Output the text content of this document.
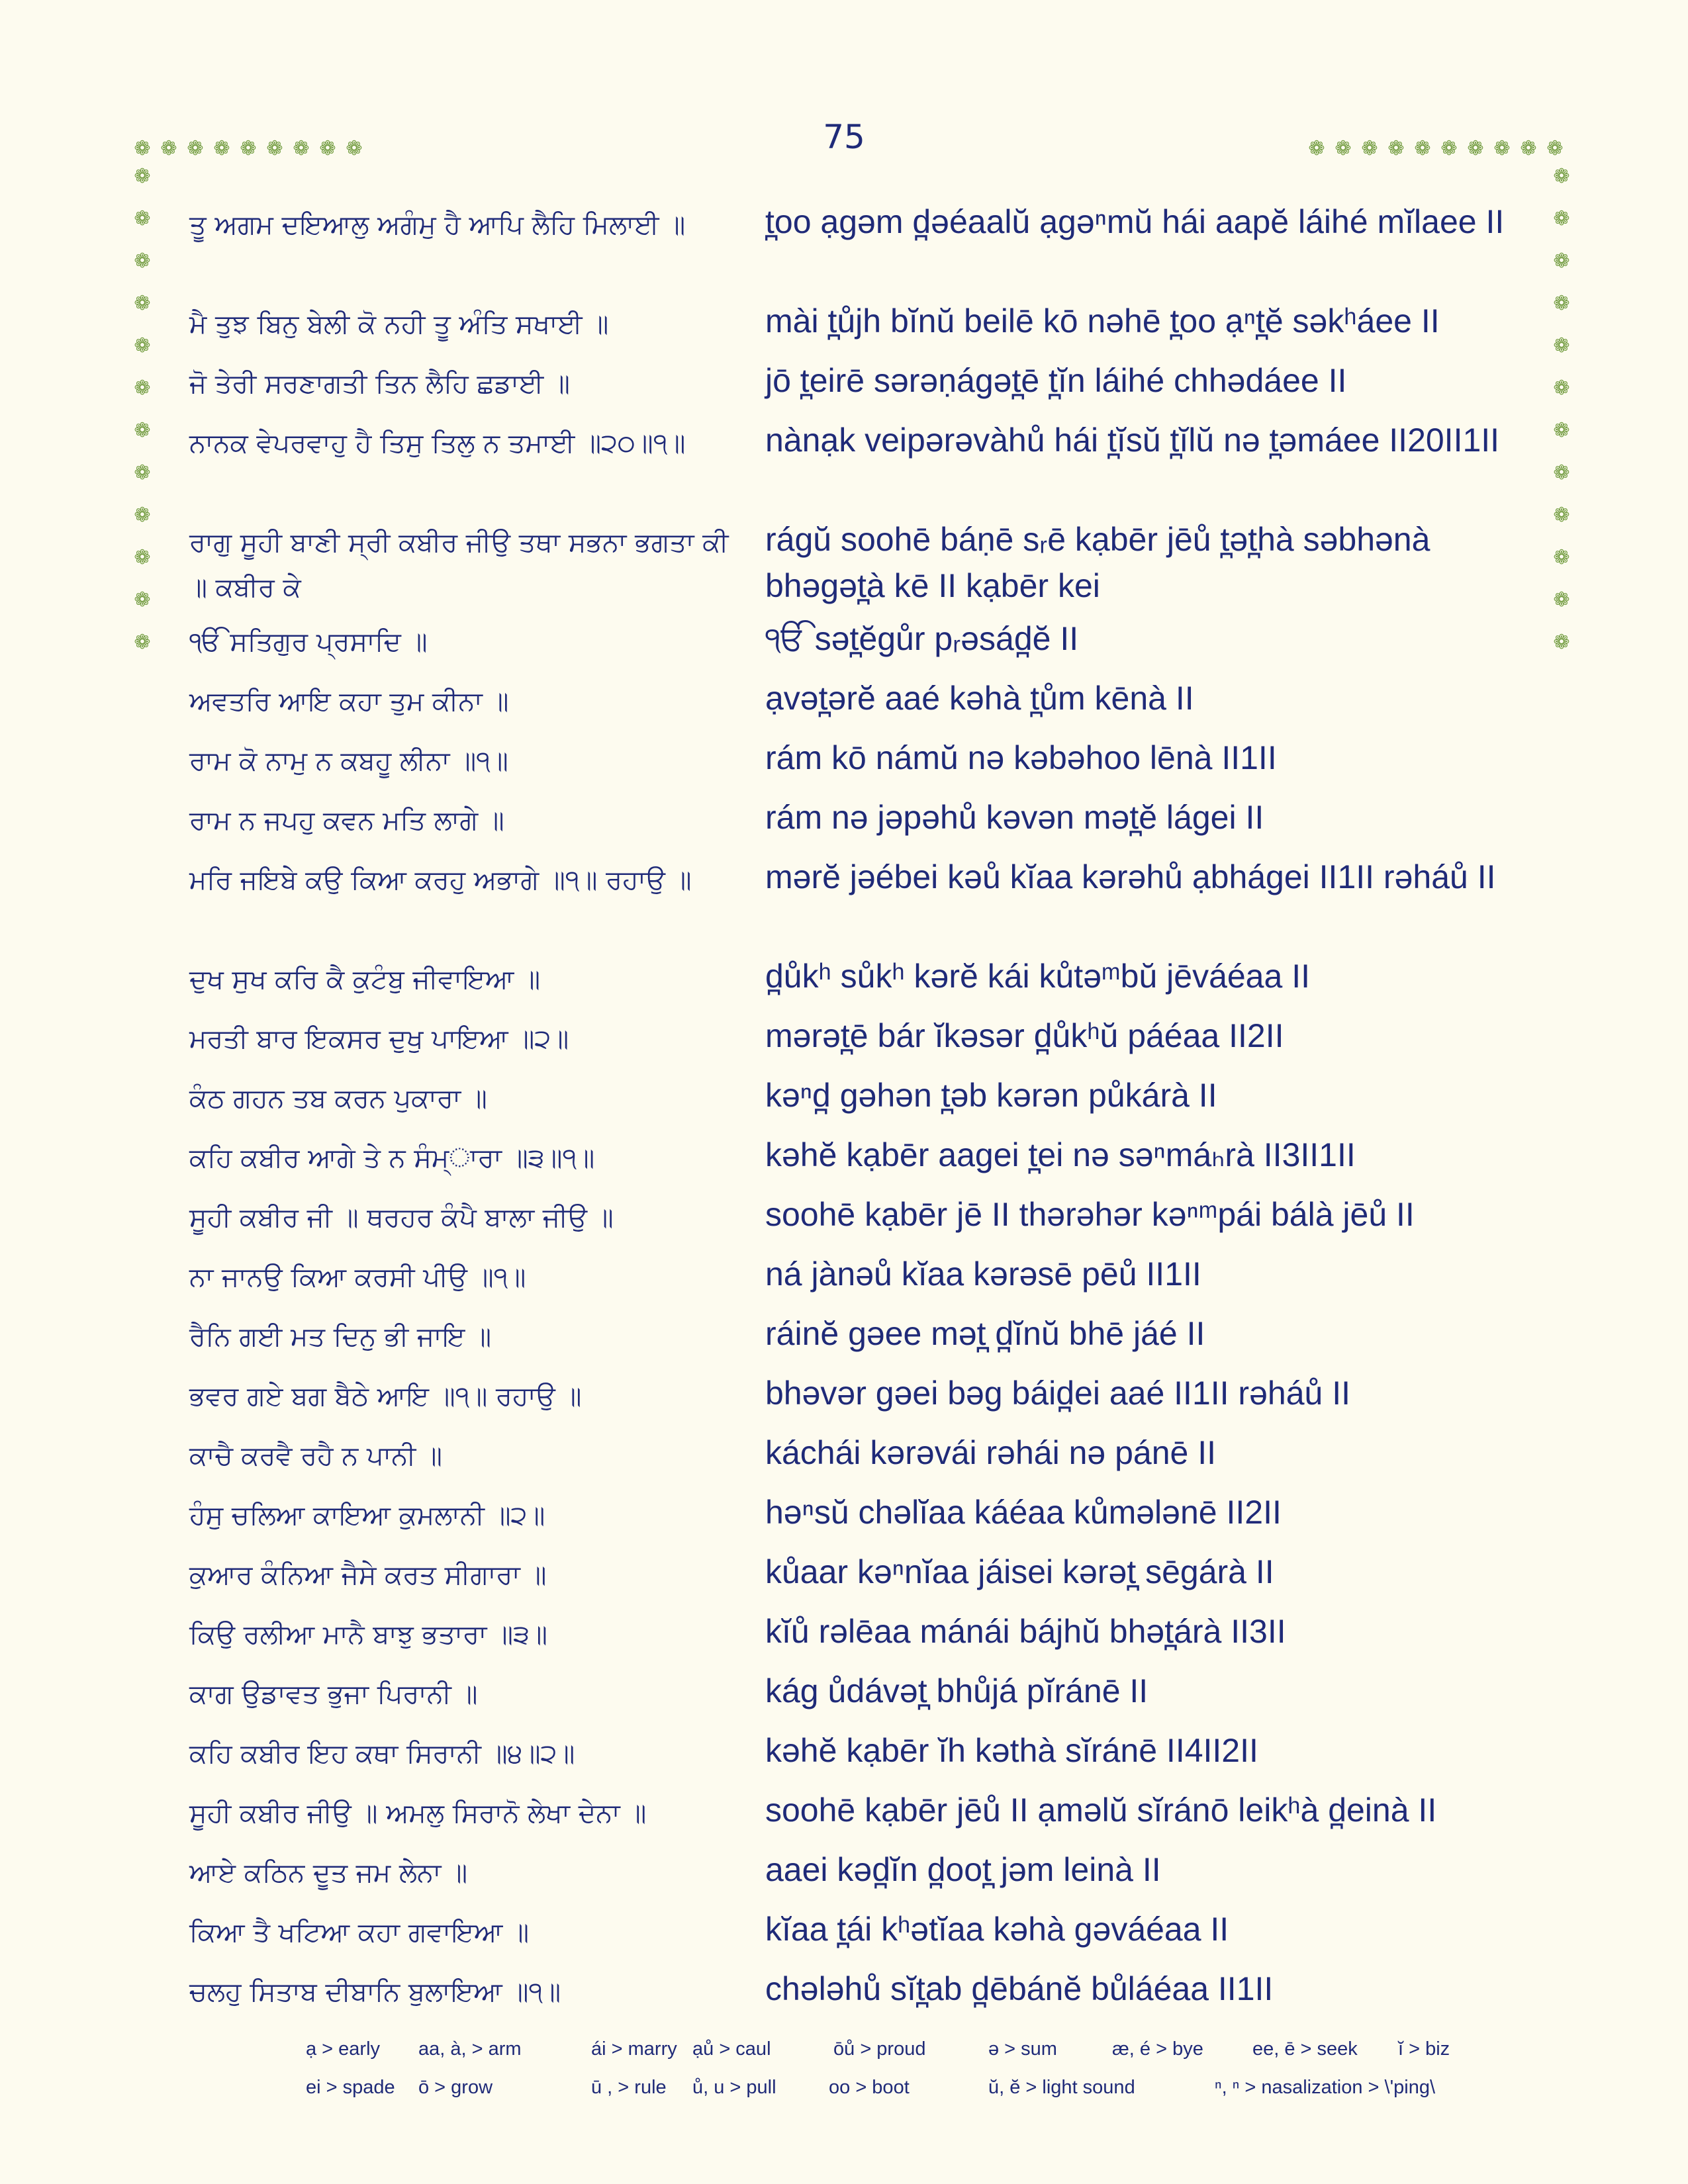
75
❁ ❁ ❁ ❁ ❁ ❁ ❁ ❁ ❁	❁ ❁ ❁ ❁ ❁ ❁ ❁ ❁ ❁ ❁
❁	❁
❁	❁
❁	❁
❁	❁
❁	❁
❁	❁
❁	❁
❁	❁
❁	❁
❁	❁
❁	❁
❁	❁
ਤੂ ਅਗਮ ਦਇਆਲੁ ਅਗੰਮੁ ਹੈ ਆਪਿ ਲੈਹਿ ਮਿਲਾਈ ॥	t̪oo ạgəm d̪əéaalŭ ạgəⁿmŭ hái aapĕ láihé mĭlaee II
ਮੈ ਤੁਝ ਬਿਨੁ ਬੇਲੀ ਕੋ ਨਹੀ ਤੂ ਅੰਤਿ ਸਖਾਈ ॥	mài t̪ůjh bĭnŭ beilē kō nəhē t̪oo ạⁿt̪ĕ səkʰáee II
ਜੋ ਤੇਰੀ ਸਰਣਾਗਤੀ ਤਿਨ ਲੈਹਿ ਛਡਾਈ ॥	jō t̪eirē sərəṇágət̪ē t̪ĭn láihé chhədáee II
ਨਾਨਕ ਵੇਪਰਵਾਹੁ ਹੈ ਤਿਸੁ ਤਿਲੁ ਨ ਤਮਾਈ ॥੨੦॥੧॥	nànạk veipərəvàhů hái t̪ĭsŭ t̪ĭlŭ nə t̪əmáee II20II1II
ਰਾਗੁ ਸੂਹੀ ਬਾਣੀ ਸ੍ਰੀ ਕਬੀਰ ਜੀਉ ਤਥਾ ਸਭਨਾ ਭਗਤਾ ਕੀ ॥ ਕਬੀਰ ਕੇ
rágŭ soohē báṇē sᵣē kạbēr jēů t̪ət̪hà səbhənà bhəgət̪à kē II kạbēr kei
ੴ ਸਤਿਗੁਰ ਪ੍ਰਸਾਦਿ ॥	ੴ sət̪ĕgůr pᵣəsád̪ĕ II
ਅਵਤਰਿ ਆਇ ਕਹਾ ਤੁਮ ਕੀਨਾ ॥	ạvət̪ərĕ aaé kəhà t̪ům kēnà II
ਰਾਮ ਕੋ ਨਾਮੁ ਨ ਕਬਹੂ ਲੀਨਾ ॥੧॥	rám kō námŭ nə kəbəhoo lēnà II1II
ਰਾਮ ਨ ਜਪਹੁ ਕਵਨ ਮਤਿ ਲਾਗੇ ॥	rám nə jəpəhů kəvən mət̪ĕ lágei II
ਮਰਿ ਜਇਬੇ ਕਉ ਕਿਆ ਕਰਹੁ ਅਭਾਗੇ ॥੧॥ ਰਹਾਉ ॥	mərĕ jəébei kəů kĭaa kərəhů ạbhágei II1II rəháů II
ਦੁਖ ਸੁਖ ਕਰਿ ਕੈ ਕੁਟੰਬੁ ਜੀਵਾਇਆ ॥	d̪ůkʰ sůkʰ kərĕ kái kůtəᵐbŭ jēváéaa II
ਮਰਤੀ ਬਾਰ ਇਕਸਰ ਦੁਖੁ ਪਾਇਆ ॥੨॥	mərət̪ē bár ĭkəsər d̪ůkʰŭ páéaa II2II
ਕੰਠ ਗਹਨ ਤਬ ਕਰਨ ਪੁਕਾਰਾ ॥	kəⁿd̪ gəhən t̪əb kərən půkárà II
ਕਹਿ ਕਬੀਰ ਆਗੇ ਤੇ ਨ ਸੰਮ੍ਾਰਾ ॥੩॥੧॥	kəhĕ kạbēr aagei t̪ei nə səⁿmáₕrà II3II1II
ਸੂਹੀ ਕਬੀਰ ਜੀ ॥ ਥਰਹਰ ਕੰਪੈ ਬਾਲਾ ਜੀਉ ॥	soohē kạbēr jē II thərəhər kəⁿᵐpái bálà jēů II
ਨਾ ਜਾਨਉ ਕਿਆ ਕਰਸੀ ਪੀਉ ॥੧॥	ná jànəů kĭaa kərəsē pēů II1II
ਰੈਨਿ ਗਈ ਮਤ ਦਿਨੁ ਭੀ ਜਾਇ ॥	ráinĕ gəee mət̪ d̪ĭnŭ bhē jáé II
ਭਵਰ ਗਏ ਬਗ ਬੈਠੇ ਆਇ ॥੧॥ ਰਹਾਉ ॥	bhəvər gəei bəg báid̪ei aaé II1II rəháů II
ਕਾਚੈ ਕਰਵੈ ਰਹੈ ਨ ਪਾਨੀ ॥	káchái kərəvái rəhái nə pánē II
ਹੰਸੁ ਚਲਿਆ ਕਾਇਆ ਕੁਮਲਾਨੀ ॥੨॥	həⁿsŭ chəlĭaa káéaa kůmələnē II2II
ਕੁਆਰ ਕੰਨਿਆ ਜੈਸੇ ਕਰਤ ਸੀਗਾਰਾ ॥	kůaar kəⁿnĭaa jáisei kərət̪ sēgárà II
ਕਿਉ ਰਲੀਆ ਮਾਨੈ ਬਾਝੁ ਭਤਾਰਾ ॥੩॥	kĭů rəlēaa mánái bájhŭ bhət̪árà II3II
ਕਾਗ ਉਡਾਵਤ ਭੁਜਾ ਪਿਰਾਨੀ ॥	kág ůdávət̪ bhůjá pĭránē II
ਕਹਿ ਕਬੀਰ ਇਹ ਕਥਾ ਸਿਰਾਨੀ ॥੪॥੨॥	kəhĕ kạbēr ĭh kəthà sĭránē II4II2II
ਸੂਹੀ ਕਬੀਰ ਜੀਉ ॥ ਅਮਲੁ ਸਿਰਾਨੋ ਲੇਖਾ ਦੇਨਾ ॥	soohē kạbēr jēů II ạməlŭ sĭránō leikʰà d̪einà II
ਆਏ ਕਠਿਨ ਦੂਤ ਜਮ ਲੇਨਾ ॥	aaei kəd̪ĭn d̪oot̪ jəm leinà II
ਕਿਆ ਤੈ ਖਟਿਆ ਕਹਾ ਗਵਾਇਆ ॥	kĭaa t̪ái kʰətĭaa kəhà gəváéaa II
ਚਲਹੁ ਸਿਤਾਬ ਦੀਬਾਨਿ ਬੁਲਾਇਆ ॥੧॥	chələhů sĭt̪ab d̪ēbánĕ bůláéaa II1II
ạ > early aa, à, > arm	ái > marry ạů > caul	ōů > proud	ə > sum	æ, é > bye	ee, ē > seek ĭ > biz
ei > spade ō > grow	ū , > rule ů, u > pull	oo > boot	ŭ, ĕ > light sound	ⁿ, ⁿ > nasalization > \'ping\
